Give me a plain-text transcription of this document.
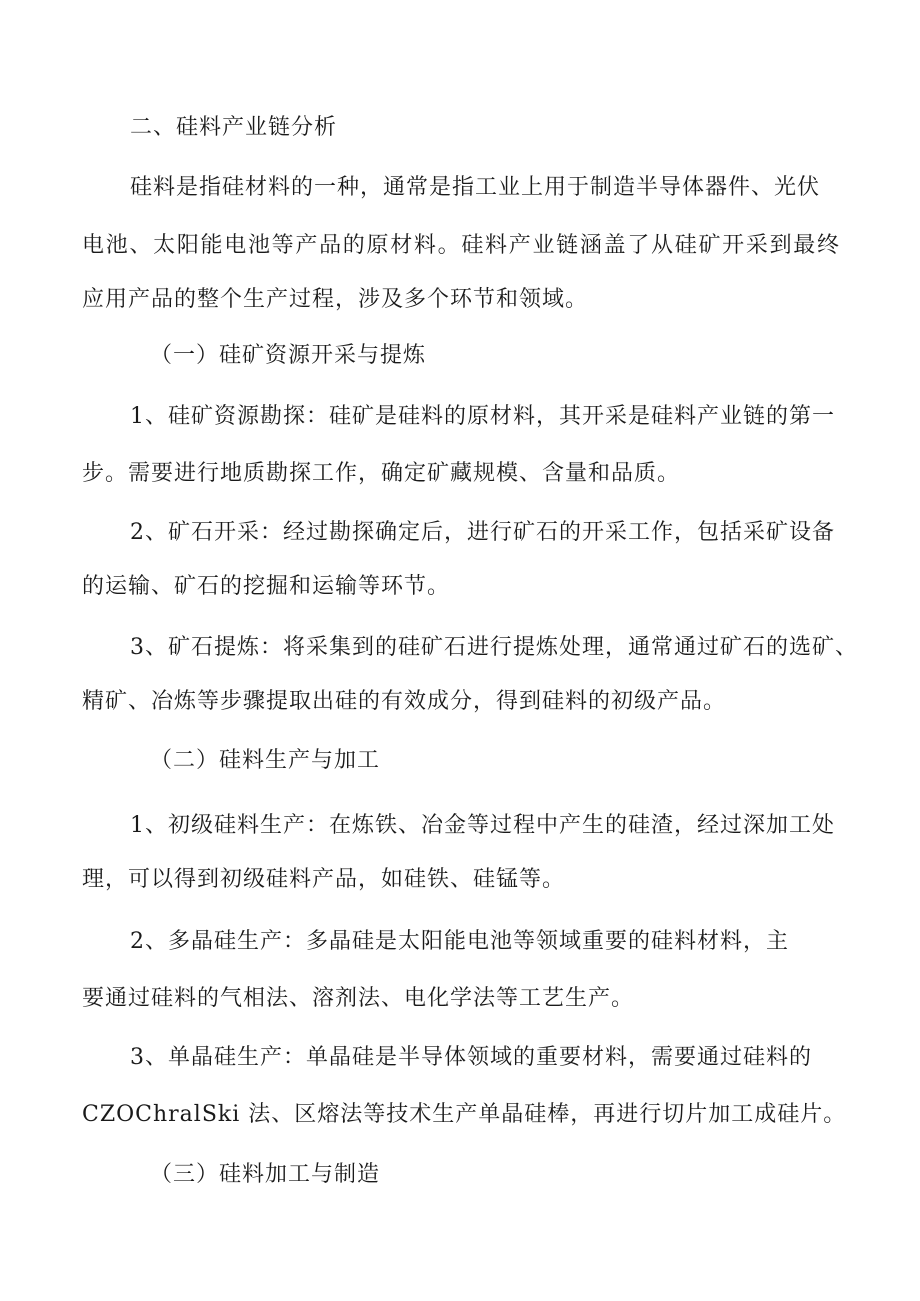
二、硅料产业链分析
硅料是指硅材料的一种，通常是指工业上用于制造半导体器件、光伏
电池、太阳能电池等产品的原材料。硅料产业链涵盖了从硅矿开采到最终
应用产品的整个生产过程，涉及多个环节和领域。
（一）硅矿资源开采与提炼
1、硅矿资源勘探：硅矿是硅料的原材料，其开采是硅料产业链的第一
步。需要进行地质勘探工作，确定矿藏规模、含量和品质。
2、矿石开采：经过勘探确定后，进行矿石的开采工作，包括采矿设备
的运输、矿石的挖掘和运输等环节。
3、矿石提炼：将采集到的硅矿石进行提炼处理，通常通过矿石的选矿、
精矿、冶炼等步骤提取出硅的有效成分，得到硅料的初级产品。
（二）硅料生产与加工
1、初级硅料生产：在炼铁、冶金等过程中产生的硅渣，经过深加工处
理，可以得到初级硅料产品，如硅铁、硅锰等。
2、多晶硅生产：多晶硅是太阳能电池等领域重要的硅料材料，主
要通过硅料的气相法、溶剂法、电化学法等工艺生产。
3、单晶硅生产：单晶硅是半导体领域的重要材料，需要通过硅料的
CZOChralSki 法、区熔法等技术生产单晶硅棒，再进行切片加工成硅片。
（三）硅料加工与制造
